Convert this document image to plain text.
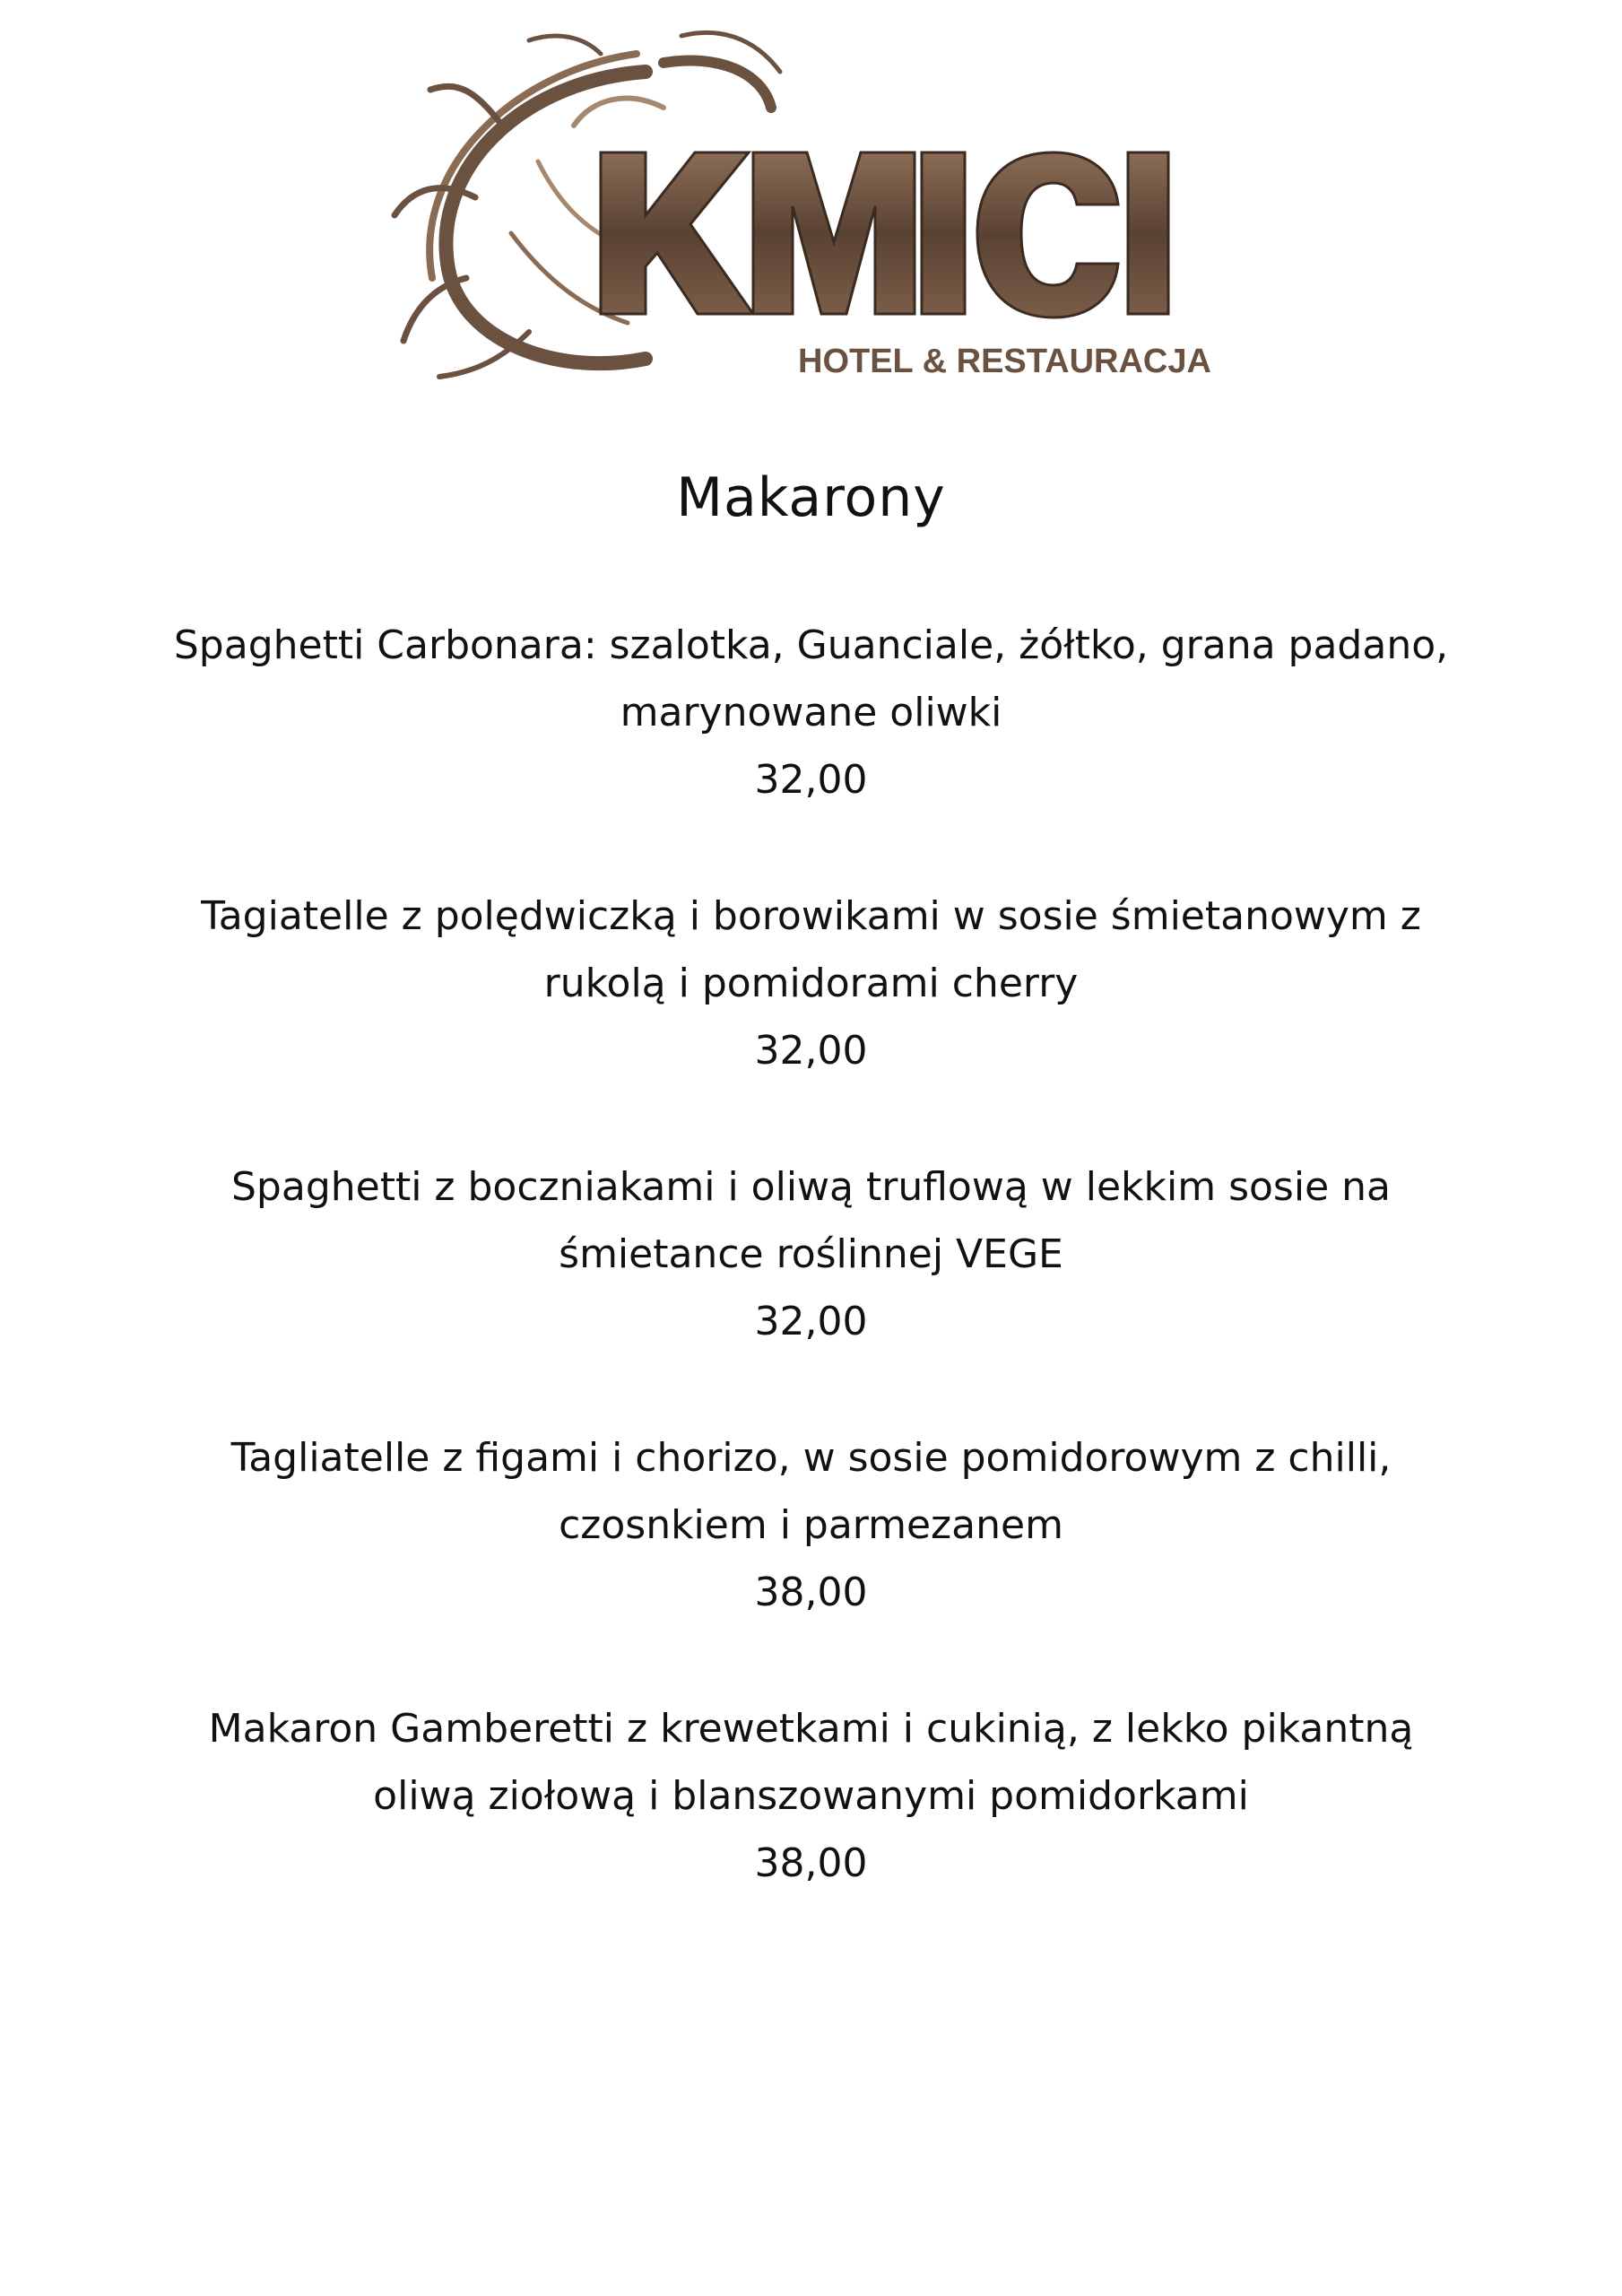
HOTEL & RESTAURACJA
Makarony
Spaghetti Carbonara: szalotka, Guanciale, żółtko, grana padano,
marynowane oliwki
32,00
Tagiatelle z polędwiczką i borowikami w sosie śmietanowym z
rukolą i pomidorami cherry
32,00
Spaghetti z boczniakami i oliwą truflową w lekkim sosie na
śmietance roślinnej VEGE
32,00
Tagliatelle z figami i chorizo, w sosie pomidorowym z chilli,
czosnkiem i parmezanem
38,00
Makaron Gamberetti z krewetkami i cukinią, z lekko pikantną
oliwą ziołową i blanszowanymi pomidorkami
38,00
